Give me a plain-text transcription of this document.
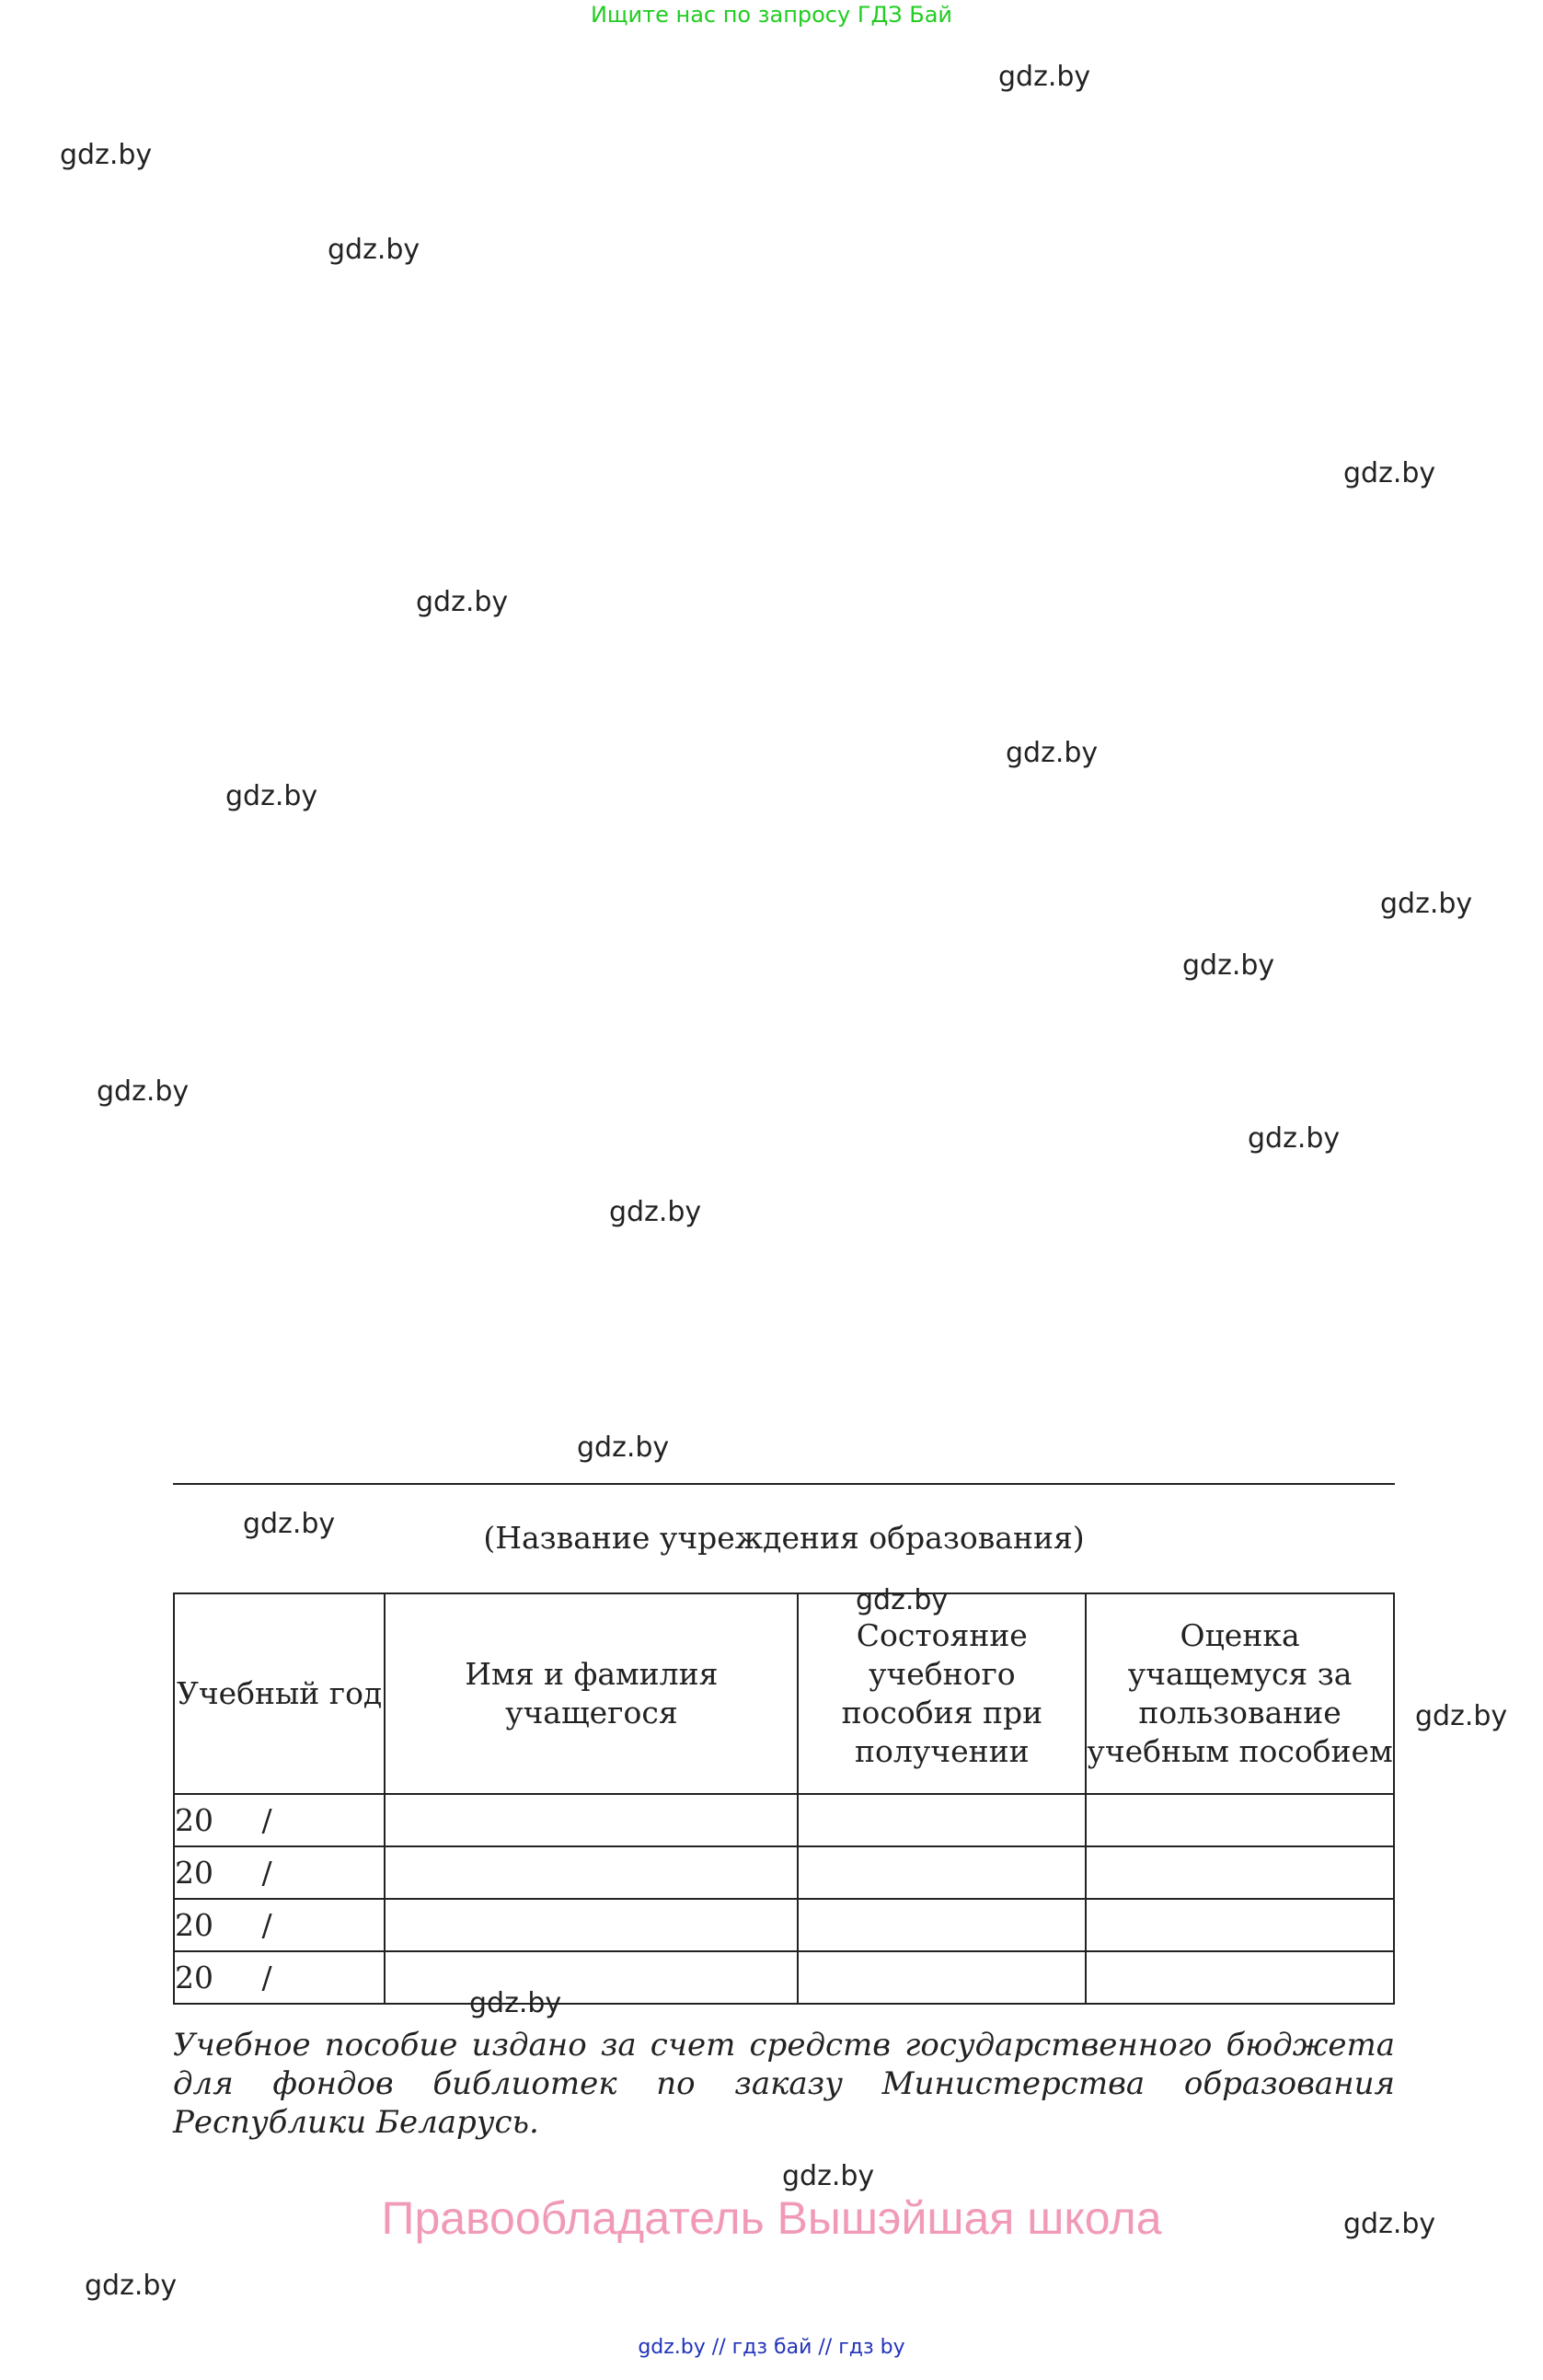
Ищите нас по запросу ГДЗ Бай
gdz.by
gdz.by
gdz.by
gdz.by
gdz.by
gdz.by
gdz.by
gdz.by
gdz.by
gdz.by
gdz.by
gdz.by
gdz.by
gdz.by	(Название учреждения образования)
Учебный год	Имя и фамилия учащегося	Состояние учебного пособия при получении	Оценка учащемуся за пользование учебным пособием
20     /			
20     /			
20     /			
20     /			
gdz.by
gdz.by
gdz.by
Учебное пособие издано за счет средств государственного бюджета для фондов библиотек по заказу Министерства образования Республики Беларусь.
gdz.by
Правообладатель Вышэйшая школа	gdz.by
gdz.by
gdz.by // гдз бай // гдз by
